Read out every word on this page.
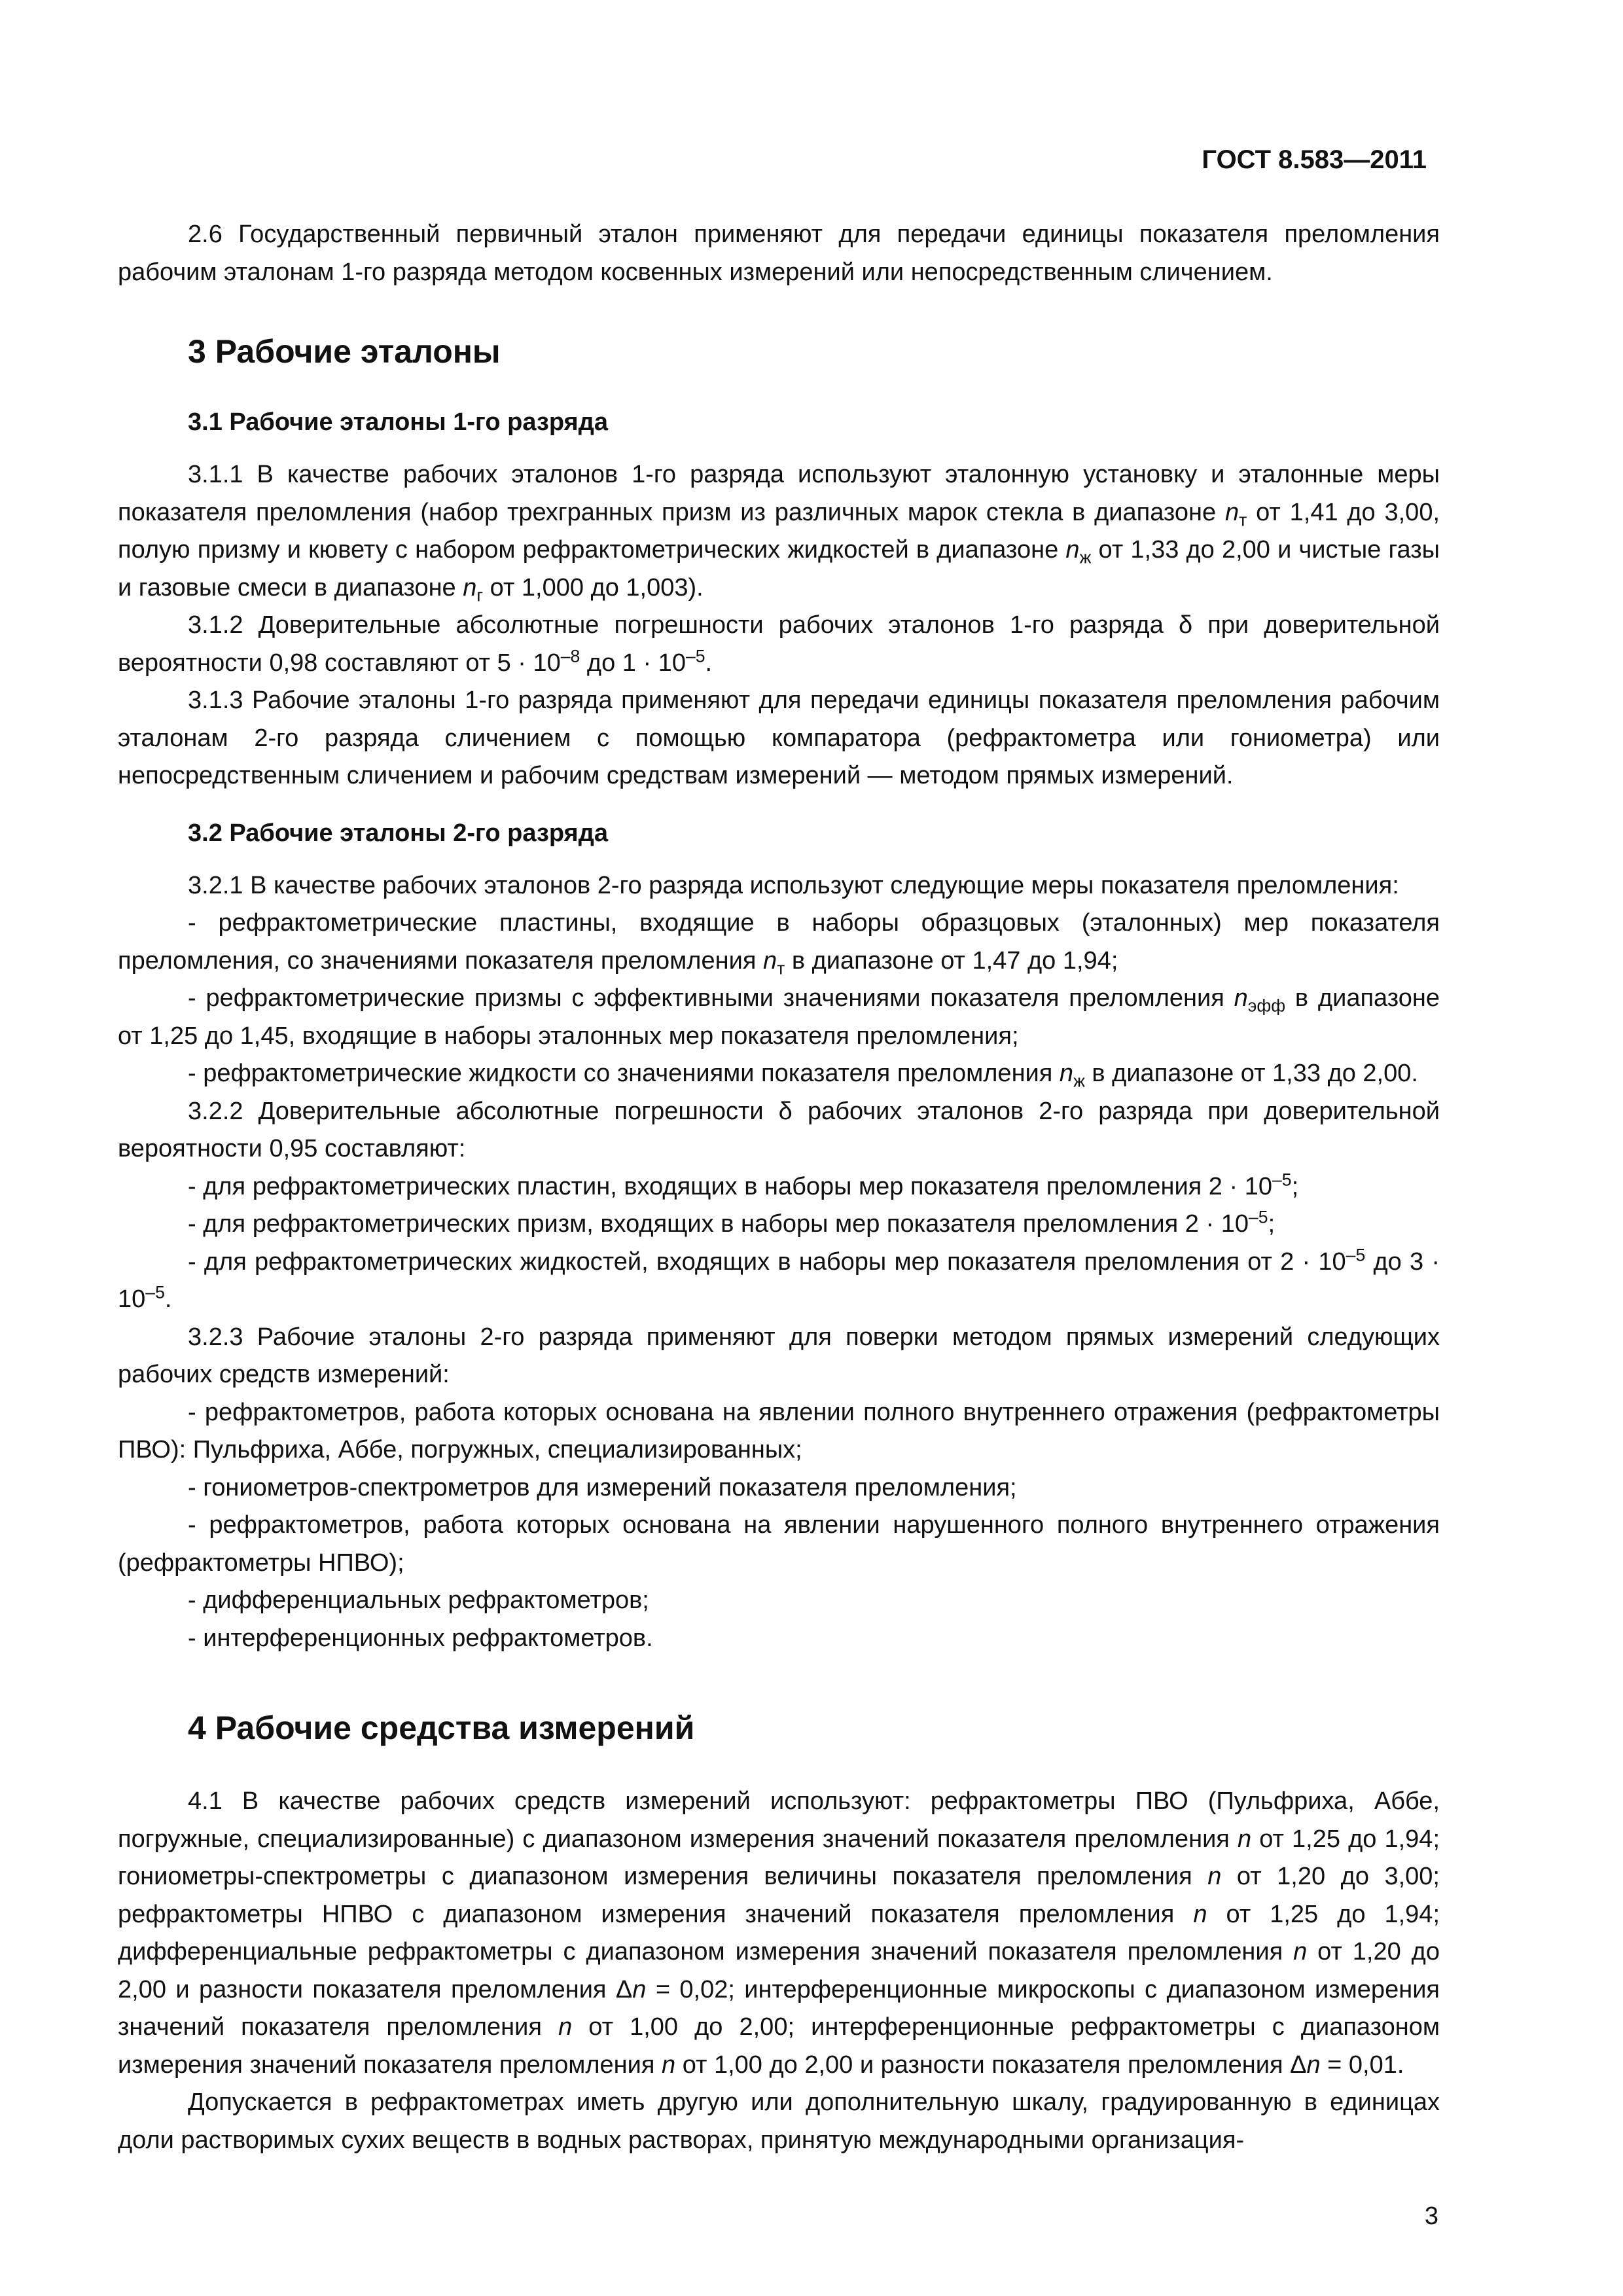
ГОСТ 8.583—2011

2.6 Государственный первичный эталон применяют для передачи единицы показателя преломления рабочим эталонам 1-го разряда методом косвенных измерений или непосредственным сличением.

3 Рабочие эталоны
3.1 Рабочие эталоны 1-го разряда

3.1.1 В качестве рабочих эталонов 1-го разряда используют эталонную установку и эталонные меры показателя преломления (набор трехгранных призм из различных марок стекла в диапазоне $n_т$ от 1,41 до 3,00, полую призму и кювету с набором рефрактометрических жидкостей в диапазоне $n_ж$ от 1,33 до 2,00 и чистые газы и газовые смеси в диапазоне $n_г$ от 1,000 до 1,003).

3.1.2 Доверительные абсолютные погрешности рабочих эталонов 1-го разряда δ при доверительной вероятности 0,98 составляют от $5 \cdot 10^{-8}$ до $1 \cdot 10^{-5}$.

3.1.3 Рабочие эталоны 1-го разряда применяют для передачи единицы показателя преломления рабочим эталонам 2-го разряда сличением с помощью компаратора (рефрактометра или гониометра) или непосредственным сличением и рабочим средствам измерений — методом прямых измерений.

3.2 Рабочие эталоны 2-го разряда

3.2.1 В качестве рабочих эталонов 2-го разряда используют следующие меры показателя преломления:

- рефрактометрические пластины, входящие в наборы образцовых (эталонных) мер показателя преломления, со значениями показателя преломления $n_т$ в диапазоне от 1,47 до 1,94;

- рефрактометрические призмы с эффективными значениями показателя преломления $n_{эфф}$ в диапазоне от 1,25 до 1,45, входящие в наборы эталонных мер показателя преломления;

- рефрактометрические жидкости со значениями показателя преломления $n_ж$ в диапазоне от 1,33 до 2,00.

3.2.2 Доверительные абсолютные погрешности δ рабочих эталонов 2-го разряда при доверительной вероятности 0,95 составляют:

- для рефрактометрических пластин, входящих в наборы мер показателя преломления $2 \cdot 10^{-5}$;

- для рефрактометрических призм, входящих в наборы мер показателя преломления $2 \cdot 10^{-5}$;

- для рефрактометрических жидкостей, входящих в наборы мер показателя преломления от $2 \cdot 10^{-5}$ до $3 \cdot 10^{-5}$.

3.2.3 Рабочие эталоны 2-го разряда применяют для поверки методом прямых измерений следующих рабочих средств измерений:

- рефрактометров, работа которых основана на явлении полного внутреннего отражения (рефрактометры ПВО): Пульфриха, Аббе, погружных, специализированных;

- гониометров-спектрометров для измерений показателя преломления;

- рефрактометров, работа которых основана на явлении нарушенного полного внутреннего отражения (рефрактометры НПВО);

- дифференциальных рефрактометров;

- интерференционных рефрактометров.

4 Рабочие средства измерений

4.1 В качестве рабочих средств измерений используют: рефрактометры ПВО (Пульфриха, Аббе, погружные, специализированные) с диапазоном измерения значений показателя преломления n от 1,25 до 1,94; гониометры-спектрометры с диапазоном измерения величины показателя преломления n от 1,20 до 3,00; рефрактометры НПВО с диапазоном измерения значений показателя преломления n от 1,25 до 1,94; дифференциальные рефрактометры с диапазоном измерения значений показателя преломления n от 1,20 до 2,00 и разности показателя преломления Δn = 0,02; интерференционные микроскопы с диапазоном измерения значений показателя преломления n от 1,00 до 2,00; интерференционные рефрактометры с диапазоном измерения значений показателя преломления n от 1,00 до 2,00 и разности показателя преломления Δn = 0,01.

Допускается в рефрактометрах иметь другую или дополнительную шкалу, градуированную в единицах доли растворимых сухих веществ в водных растворах, принятую международными организация-

3
